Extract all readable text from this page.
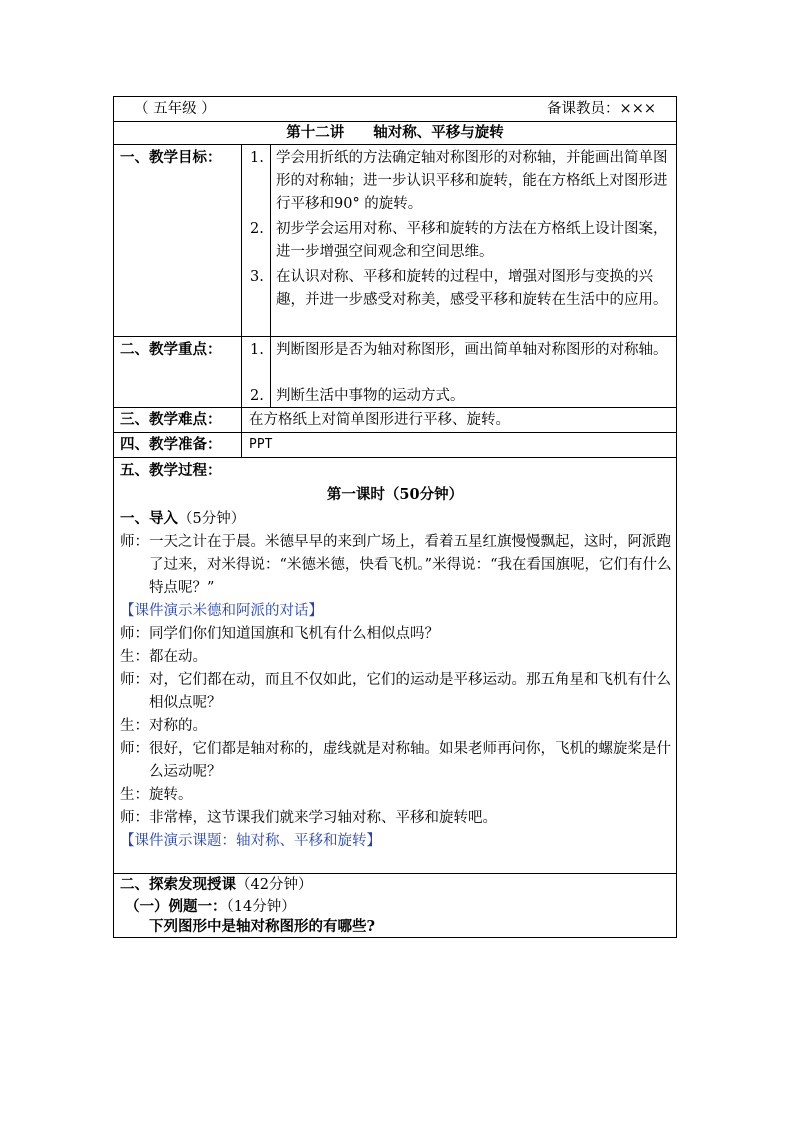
（ 五年级 ）	备课教员：×××
第十二讲　　轴对称、平移与旋转
一、教学目标： 1. 学会用折纸的方法确定轴对称图形的对称轴，并能画出简单图形的对称轴；进一步认识平移和旋转，能在方格纸上对图形进行平移和90° 的旋转。
2. 初步学会运用对称、平移和旋转的方法在方格纸上设计图案，进一步增强空间观念和空间思维。
3. 在认识对称、平移和旋转的过程中，增强对图形与变换的兴趣，并进一步感受对称美，感受平移和旋转在生活中的应用。
二、教学重点： 1. 判断图形是否为轴对称图形，画出简单轴对称图形的对称轴。
2. 判断生活中事物的运动方式。
三、教学难点： 在方格纸上对简单图形进行平移、旋转。
四、教学准备： PPT
五、教学过程：
第一课时（50分钟）
一、导入（5分钟）
师： 一天之计在于晨。米德早早的来到广场上，看着五星红旗慢慢飘起，这时，阿派跑了过来，对米得说：“米德米德，快看飞机。”米得说：“我在看国旗呢，它们有什么特点呢？”
【课件演示米德和阿派的对话】
师： 同学们你们知道国旗和飞机有什么相似点吗？
生： 都在动。
师： 对，它们都在动，而且不仅如此，它们的运动是平移运动。那五角星和飞机有什么相似点呢？
生： 对称的。
师： 很好，它们都是轴对称的，虚线就是对称轴。如果老师再问你，飞机的螺旋桨是什么运动呢？
生： 旋转。
师： 非常棒，这节课我们就来学习轴对称、平移和旋转吧。
【课件演示课题：轴对称、平移和旋转】
二、探索发现授课（42分钟）
（一）例题一：（14分钟）
下列图形中是轴对称图形的有哪些?
